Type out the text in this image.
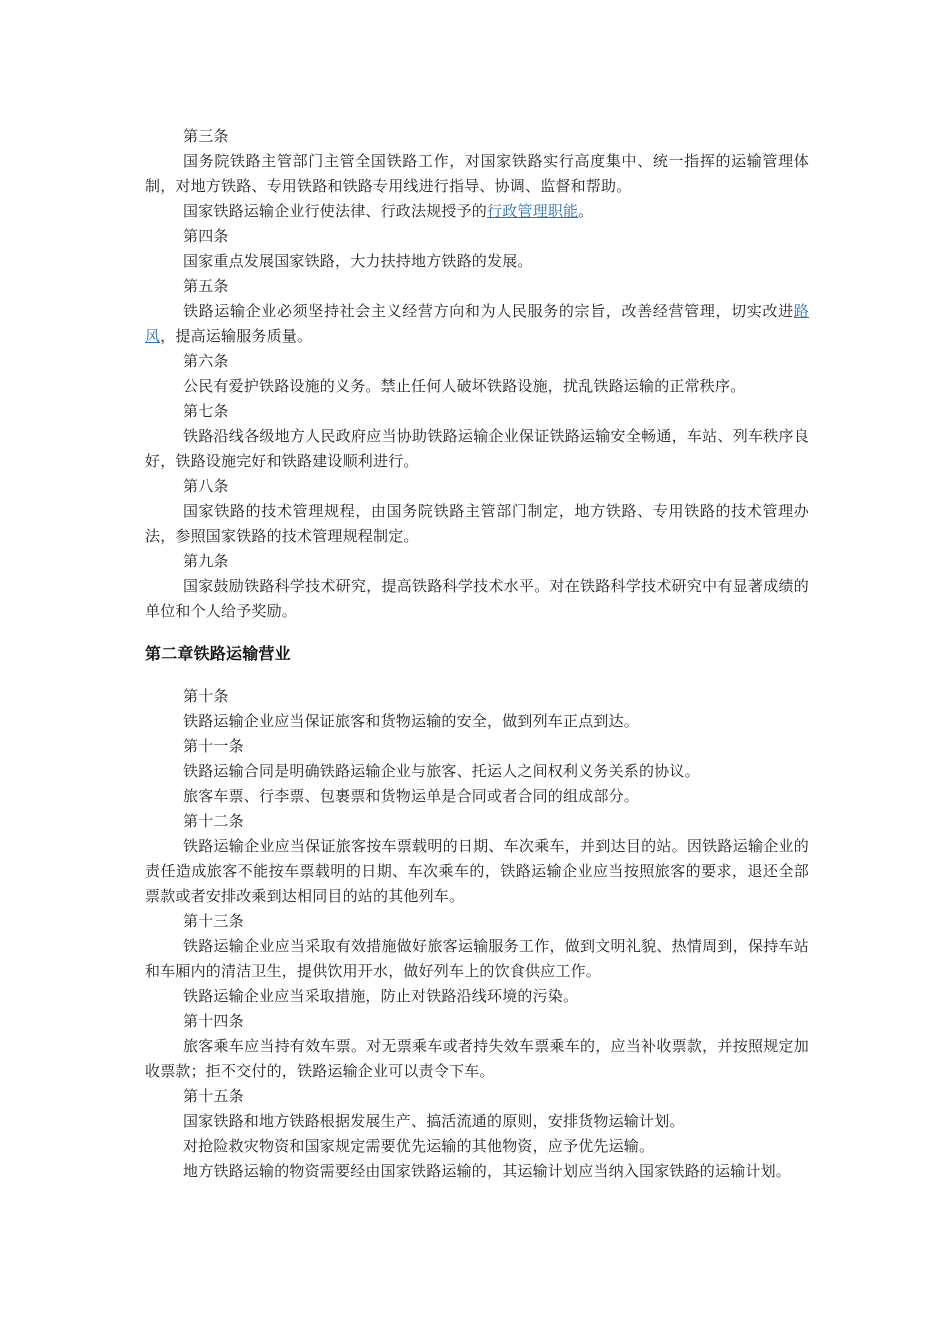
第三条

国务院铁路主管部门主管全国铁路工作，对国家铁路实行高度集中、统一指挥的运输管理体制，对地方铁路、专用铁路和铁路专用线进行指导、协调、监督和帮助。

国家铁路运输企业行使法律、行政法规授予的行政管理职能。

第四条

国家重点发展国家铁路，大力扶持地方铁路的发展。

第五条

铁路运输企业必须坚持社会主义经营方向和为人民服务的宗旨，改善经营管理，切实改进路风，提高运输服务质量。

第六条

公民有爱护铁路设施的义务。禁止任何人破坏铁路设施，扰乱铁路运输的正常秩序。

第七条

铁路沿线各级地方人民政府应当协助铁路运输企业保证铁路运输安全畅通，车站、列车秩序良好，铁路设施完好和铁路建设顺利进行。

第八条

国家铁路的技术管理规程，由国务院铁路主管部门制定，地方铁路、专用铁路的技术管理办法，参照国家铁路的技术管理规程制定。

第九条

国家鼓励铁路科学技术研究，提高铁路科学技术水平。对在铁路科学技术研究中有显著成绩的单位和个人给予奖励。

第二章铁路运输营业

第十条

铁路运输企业应当保证旅客和货物运输的安全，做到列车正点到达。

第十一条

铁路运输合同是明确铁路运输企业与旅客、托运人之间权利义务关系的协议。

旅客车票、行李票、包裹票和货物运单是合同或者合同的组成部分。

第十二条

铁路运输企业应当保证旅客按车票载明的日期、车次乘车，并到达目的站。因铁路运输企业的责任造成旅客不能按车票载明的日期、车次乘车的，铁路运输企业应当按照旅客的要求，退还全部票款或者安排改乘到达相同目的站的其他列车。

第十三条

铁路运输企业应当采取有效措施做好旅客运输服务工作，做到文明礼貌、热情周到，保持车站和车厢内的清洁卫生，提供饮用开水，做好列车上的饮食供应工作。

铁路运输企业应当采取措施，防止对铁路沿线环境的污染。

第十四条

旅客乘车应当持有效车票。对无票乘车或者持失效车票乘车的，应当补收票款，并按照规定加收票款；拒不交付的，铁路运输企业可以责令下车。

第十五条

国家铁路和地方铁路根据发展生产、搞活流通的原则，安排货物运输计划。

对抢险救灾物资和国家规定需要优先运输的其他物资，应予优先运输。

地方铁路运输的物资需要经由国家铁路运输的，其运输计划应当纳入国家铁路的运输计划。
